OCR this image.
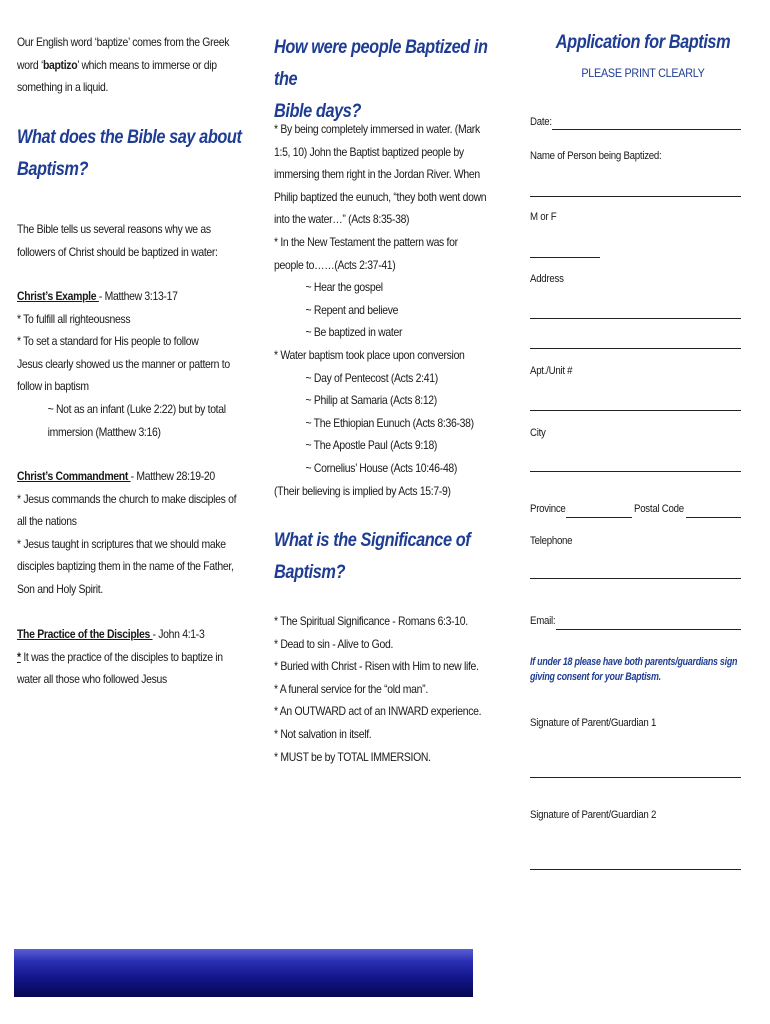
Our English word ‘baptize’ comes from the Greek
word ‘baptizo’ which means to immerse or dip
something in a liquid.
What does the Bible say about
Baptism?
The Bible tells us several reasons why we as
followers of Christ should be baptized in water:
Christ’s Example - Matthew 3:13-17
* To fulfill all righteousness
* To set a standard for His people to follow
Jesus clearly showed us the manner or pattern to
follow in baptism
~ Not as an infant (Luke 2:22) but by total
immersion (Matthew 3:16)
Christ’s Commandment - Matthew 28:19-20
* Jesus commands the church to make disciples of
all the nations
* Jesus taught in scriptures that we should make
disciples baptizing them in the name of the Father,
Son and Holy Spirit.
The Practice of the Disciples - John 4:1-3
* It was the practice of the disciples to baptize in
water all those who followed Jesus
How were people Baptized in the
Bible days?
* By being completely immersed in water. (Mark
1:5, 10) John the Baptist baptized people by
immersing them right in the Jordan River. When
Philip baptized the eunuch, “they both went down
into the water…” (Acts 8:35-38)
* In the New Testament the pattern was for
people to……(Acts 2:37-41)
~ Hear the gospel
~ Repent and believe
~ Be baptized in water
* Water baptism took place upon conversion
~ Day of Pentecost (Acts 2:41)
~ Philip at Samaria (Acts 8:12)
~ The Ethiopian Eunuch (Acts 8:36-38)
~ The Apostle Paul (Acts 9:18)
~ Cornelius’ House (Acts 10:46-48)
(Their believing is implied by Acts 15:7-9)
What is the Significance of
Baptism?
* The Spiritual Significance - Romans 6:3-10.
* Dead to sin - Alive to God.
* Buried with Christ - Risen with Him to new life.
* A funeral service for the “old man”.
* An OUTWARD act of an INWARD experience.
* Not salvation in itself.
* MUST be by TOTAL IMMERSION.
Application for Baptism
PLEASE PRINT CLEARLY
Date:
Name of Person being Baptized:
M or F
Address
Apt./Unit #
City
Province	Postal Code
Telephone
Email:
If under 18 please have both parents/guardians sign
giving consent for your Baptism.
Signature of Parent/Guardian 1
Signature of Parent/Guardian 2
